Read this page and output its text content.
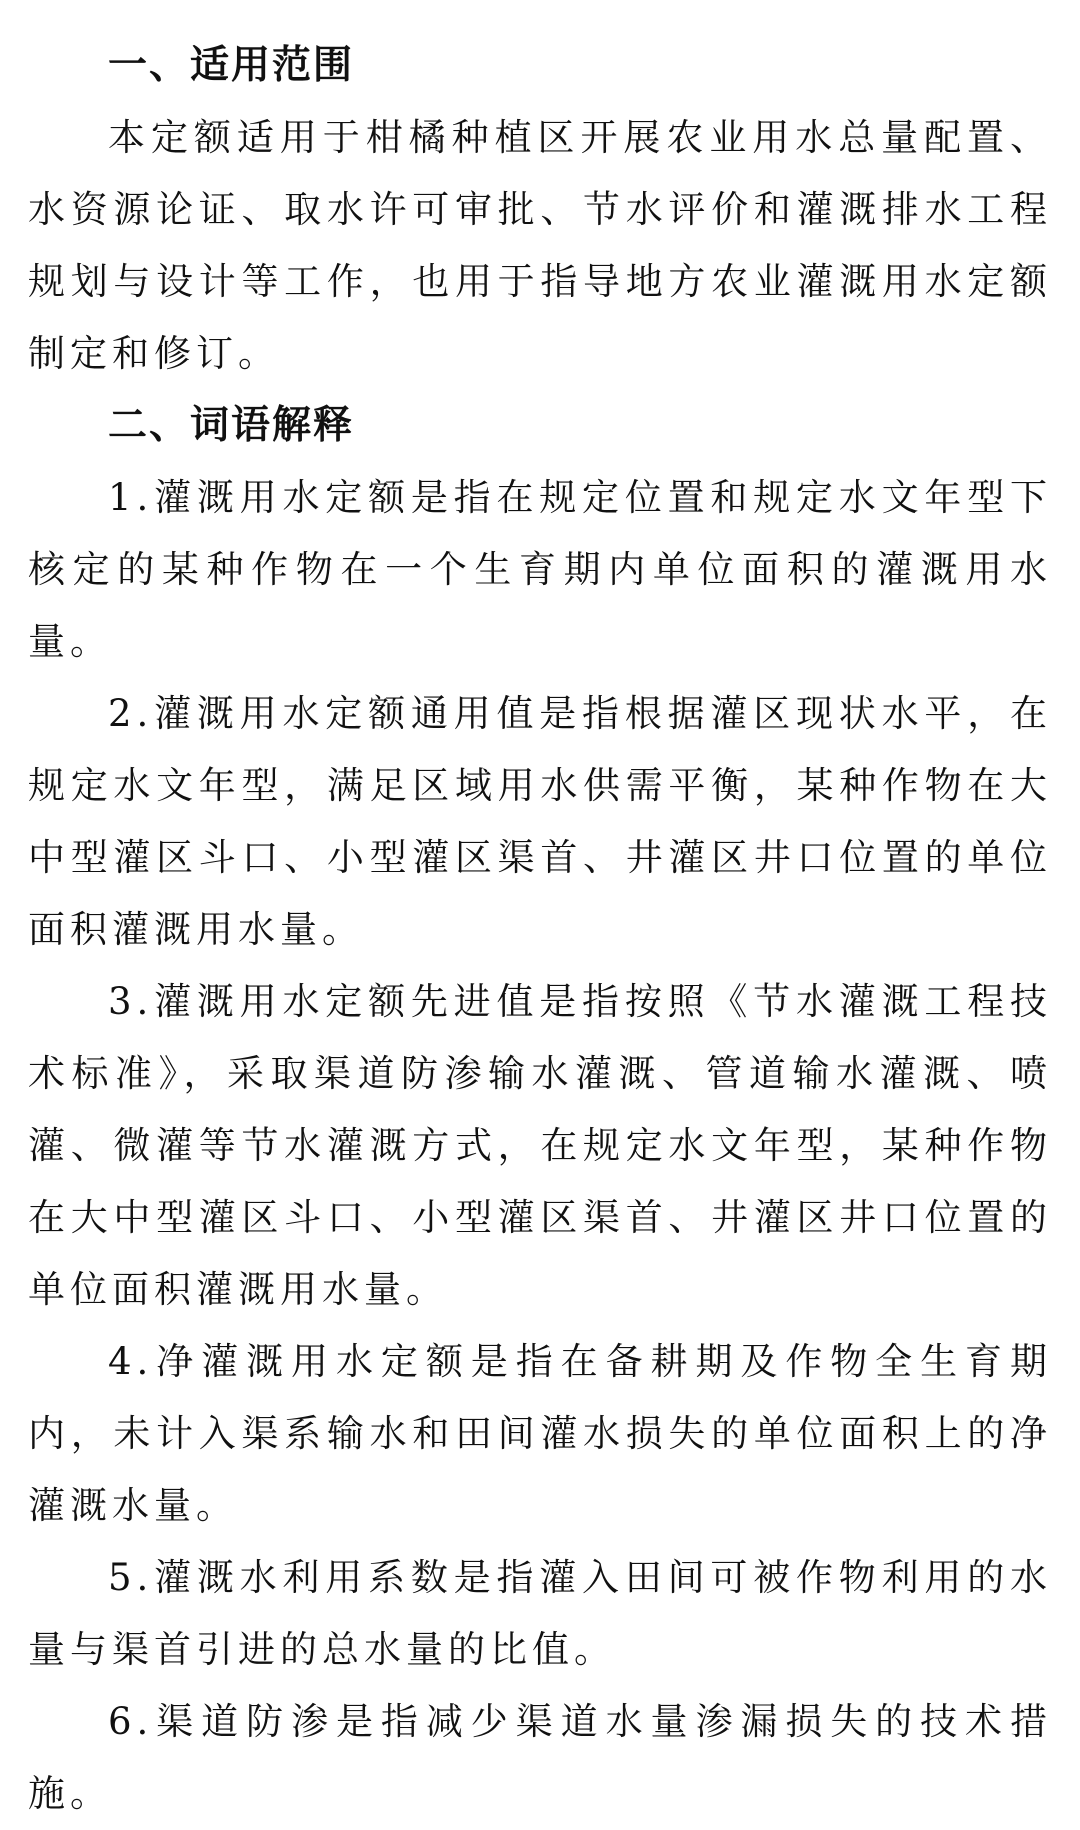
一、适用范围

本定额适用于柑橘种植区开展农业用水总量配置、水资源论证、取水许可审批、节水评价和灌溉排水工程规划与设计等工作，也用于指导地方农业灌溉用水定额制定和修订。

二、词语解释

1.灌溉用水定额是指在规定位置和规定水文年型下核定的某种作物在一个生育期内单位面积的灌溉用水量。

2.灌溉用水定额通用值是指根据灌区现状水平，在规定水文年型，满足区域用水供需平衡，某种作物在大中型灌区斗口、小型灌区渠首、井灌区井口位置的单位面积灌溉用水量。

3.灌溉用水定额先进值是指按照《节水灌溉工程技术标准》，采取渠道防渗输水灌溉、管道输水灌溉、喷灌、微灌等节水灌溉方式，在规定水文年型，某种作物在大中型灌区斗口、小型灌区渠首、井灌区井口位置的单位面积灌溉用水量。

4.净灌溉用水定额是指在备耕期及作物全生育期内，未计入渠系输水和田间灌水损失的单位面积上的净灌溉水量。

5.灌溉水利用系数是指灌入田间可被作物利用的水量与渠首引进的总水量的比值。

6.渠道防渗是指减少渠道水量渗漏损失的技术措施。
